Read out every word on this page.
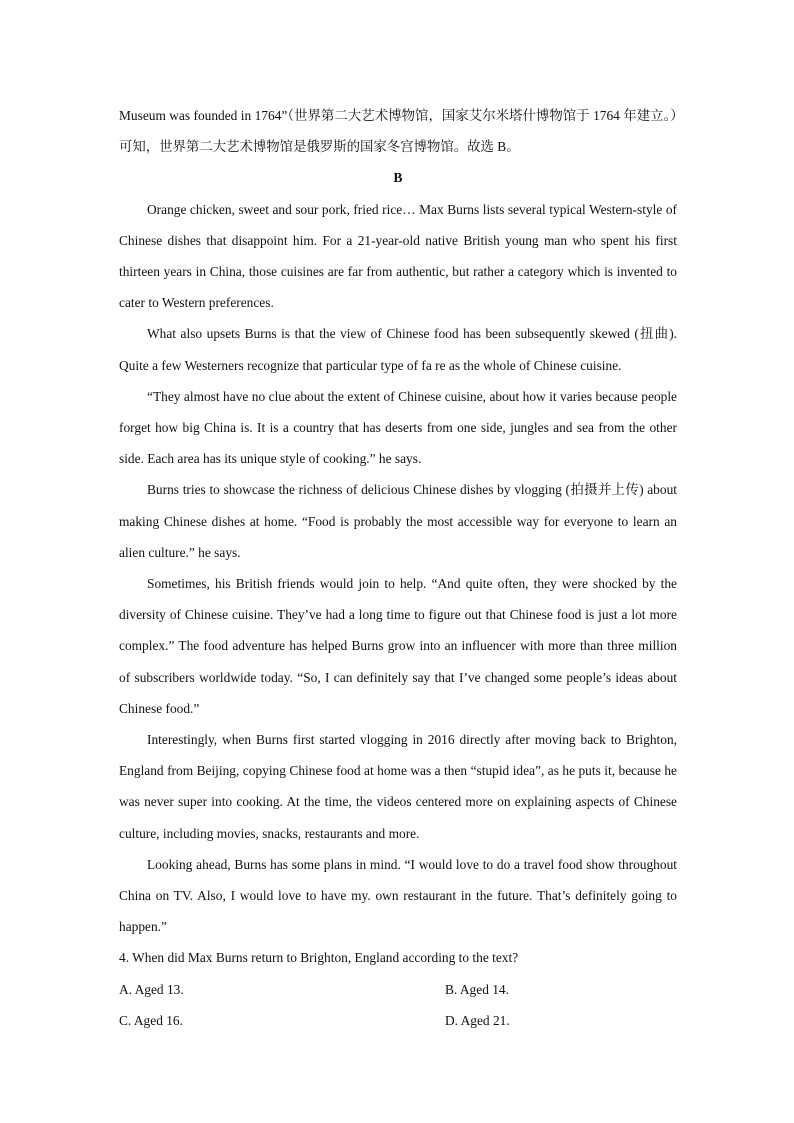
Museum was founded in 1764”（世界第二大艺术博物馆，国家艾尔米塔什博物馆于 1764 年建立。）可知，世界第二大艺术博物馆是俄罗斯的国家冬宫博物馆。故选 B。

B

Orange chicken, sweet and sour pork, fried rice… Max Burns lists several typical Western-style of Chinese dishes that disappoint him. For a 21-year-old native British young man who spent his first thirteen years in China, those cuisines are far from authentic, but rather a category which is invented to cater to Western preferences.

What also upsets Burns is that the view of Chinese food has been subsequently skewed (扭曲). Quite a few Westerners recognize that particular type of fa re as the whole of Chinese cuisine.

“They almost have no clue about the extent of Chinese cuisine, about how it varies because people forget how big China is. It is a country that has deserts from one side, jungles and sea from the other side. Each area has its unique style of cooking.” he says.

Burns tries to showcase the richness of delicious Chinese dishes by vlogging (拍摄并上传) about making Chinese dishes at home. “Food is probably the most accessible way for everyone to learn an alien culture.” he says.

Sometimes, his British friends would join to help. “And quite often, they were shocked by the diversity of Chinese cuisine. They’ve had a long time to figure out that Chinese food is just a lot more complex.” The food adventure has helped Burns grow into an influencer with more than three million of subscribers worldwide today. “So, I can definitely say that I’ve changed some people’s ideas about Chinese food.”

Interestingly, when Burns first started vlogging in 2016 directly after moving back to Brighton, England from Beijing, copying Chinese food at home was a then “stupid idea”, as he puts it, because he was never super into cooking. At the time, the videos centered more on explaining aspects of Chinese culture, including movies, snacks, restaurants and more.

Looking ahead, Burns has some plans in mind. “I would love to do a travel food show throughout China on TV. Also, I would love to have my. own restaurant in the future. That’s definitely going to happen.”

4. When did Max Burns return to Brighton, England according to the text?

A. Aged 13.	B. Aged 14.

C. Aged 16.	D. Aged 21.
